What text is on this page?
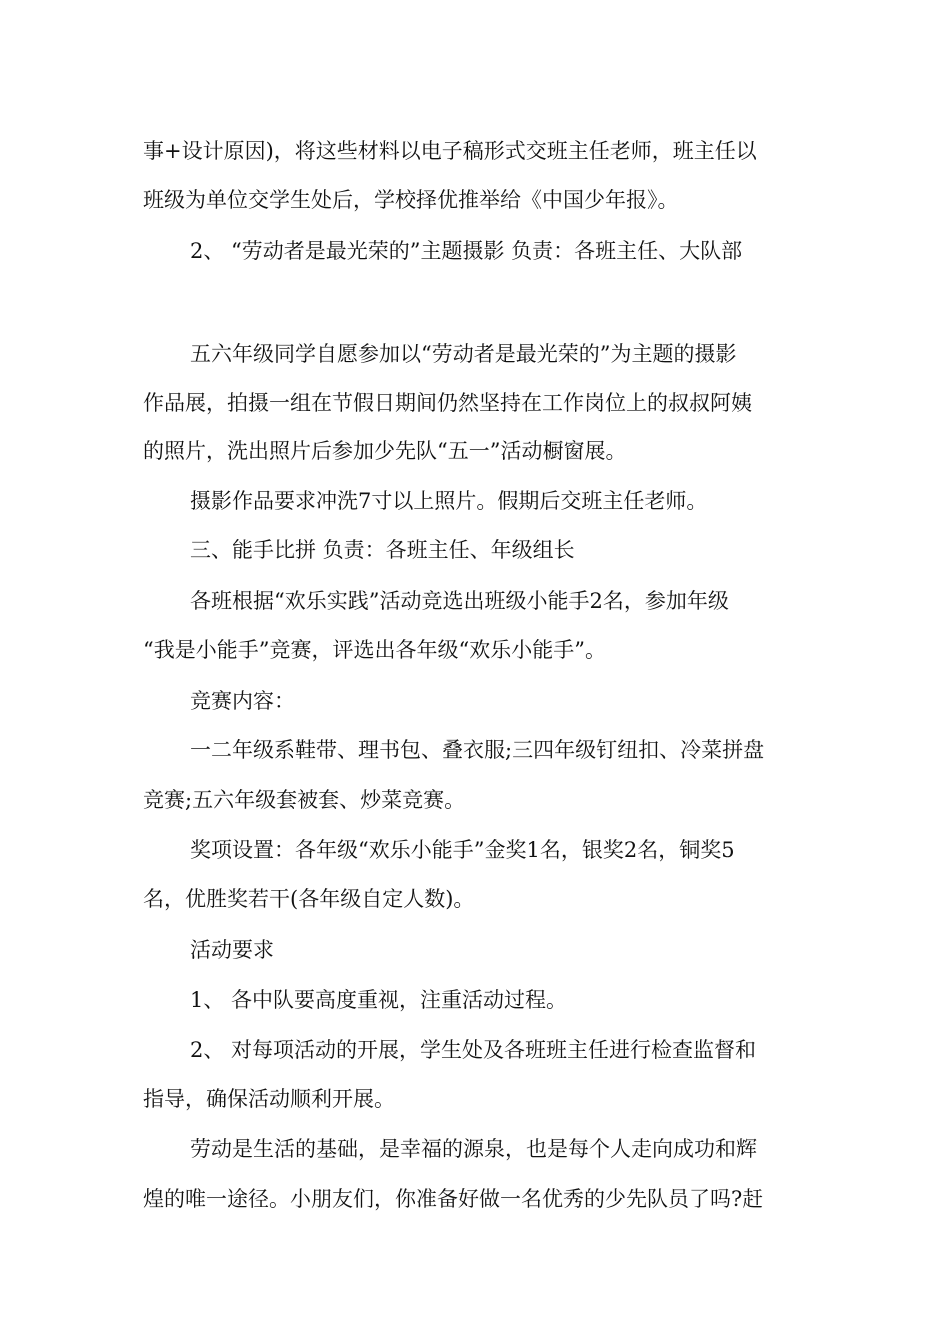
事+设计原因)，将这些材料以电子稿形式交班主任老师，班主任以
班级为单位交学生处后，学校择优推举给《中国少年报》。
2、 “劳动者是最光荣的”主题摄影 负责：各班主任、大队部
五六年级同学自愿参加以“劳动者是最光荣的”为主题的摄影
作品展，拍摄一组在节假日期间仍然坚持在工作岗位上的叔叔阿姨
的照片，洗出照片后参加少先队“五一”活动橱窗展。
摄影作品要求冲洗7寸以上照片。假期后交班主任老师。
三、能手比拼 负责：各班主任、年级组长
各班根据“欢乐实践”活动竞选出班级小能手2名，参加年级
“我是小能手”竞赛，评选出各年级“欢乐小能手”。
竞赛内容：
一二年级系鞋带、理书包、叠衣服;三四年级钉纽扣、冷菜拼盘
竞赛;五六年级套被套、炒菜竞赛。
奖项设置：各年级“欢乐小能手”金奖1名，银奖2名，铜奖5
名，优胜奖若干(各年级自定人数)。
活动要求
1、 各中队要高度重视，注重活动过程。
2、 对每项活动的开展，学生处及各班班主任进行检查监督和
指导，确保活动顺利开展。
劳动是生活的基础，是幸福的源泉，也是每个人走向成功和辉
煌的唯一途径。小朋友们，你准备好做一名优秀的少先队员了吗?赶
